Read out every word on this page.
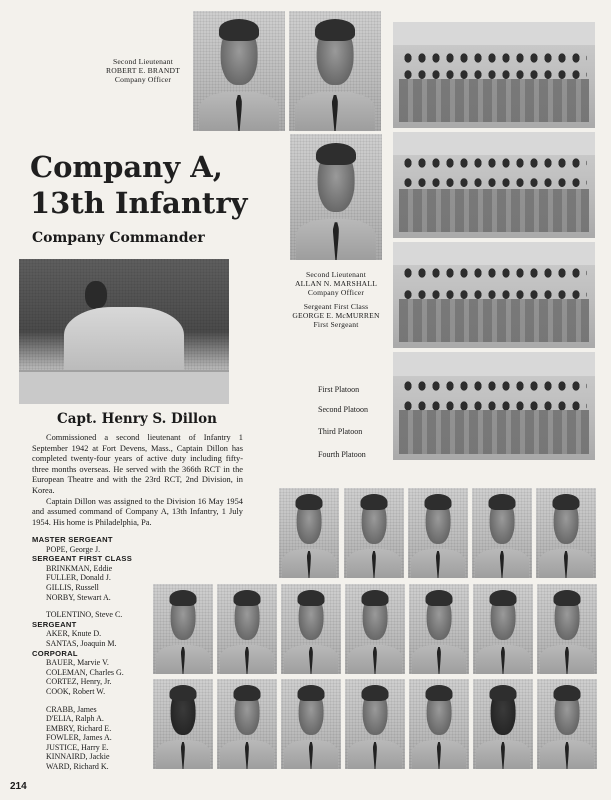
Second Lieutenant
ROBERT E. BRANDT
Company Officer
Second Lieutenant
ALLAN N. MARSHALL
Company Officer
Sergeant First Class
GEORGE E. McMURREN
First Sergeant
First Platoon
Second Platoon
Third Platoon
Fourth Platoon
Company A,
13th Infantry
Company Commander
Capt. Henry S. Dillon

Commissioned a second lieutenant of Infantry 1 September 1942 at Fort Devens, Mass., Captain Dillon has completed twenty-four years of active duty including fifty-three months overseas. He served with the 366th RCT in the European Theatre and with the 23rd RCT, 2nd Division, in Korea.

Captain Dillon was assigned to the Division 16 May 1954 and assumed command of Company A, 13th Infantry, 1 July 1954. His home is Philadelphia, Pa.

MASTER SERGEANT
POPE, George J.
SERGEANT FIRST CLASS
BRINKMAN, Eddie
FULLER, Donald J.
GILLIS, Russell
NORBY, Stewart A.
TOLENTINO, Steve C.
SERGEANT
AKER, Knute D.
SANTAS, Joaquin M.
CORPORAL
BAUER, Marvie V.
COLEMAN, Charles G.
CORTEZ, Henry, Jr.
COOK, Robert W.
CRABB, James
D'ELIA, Ralph A.
EMBRY, Richard E.
FOWLER, James A.
JUSTICE, Harry E.
KINNAIRD, Jackie
WARD, Richard K.
214
